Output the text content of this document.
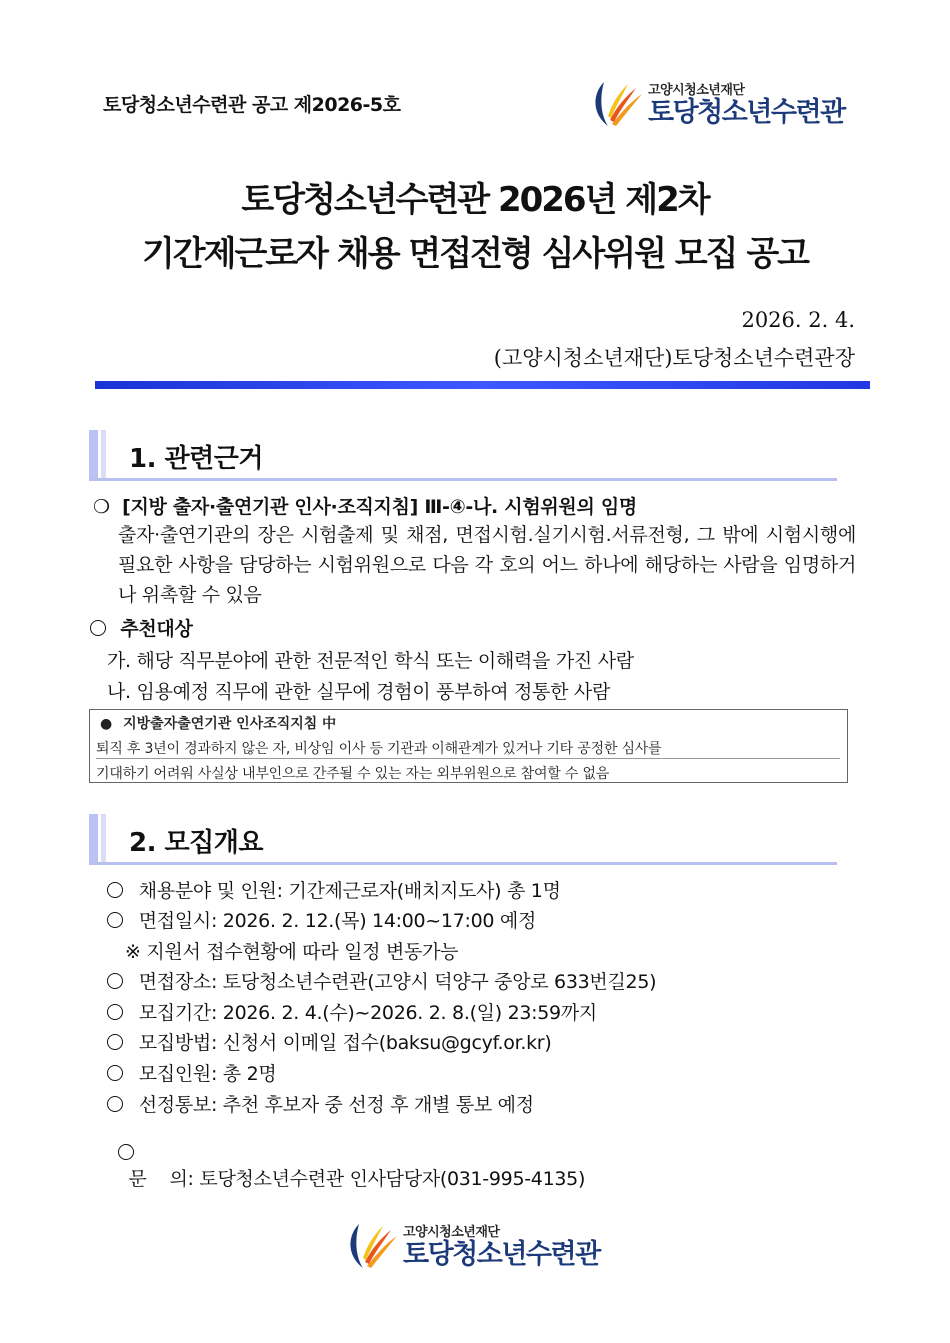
토당청소년수련관 공고 제2026-5호
고양시청소년재단
토당청소년수련관
토당청소년수련관 2026년 제2차
기간제근로자 채용 면접전형 심사위원 모집 공고
2026. 2. 4.
(고양시청소년재단)토당청소년수련관장
1. 관련근거
❍ [지방 출자·출연기관 인사·조직지침] Ⅲ-④-나. 시험위원의 임명
출자·출연기관의 장은 시험출제 및 채점, 면접시험.실기시험.서류전형, 그 밖에 시험시행에 필요한 사항을 담당하는 시험위원으로 다음 각 호의 어느 하나에 해당하는 사람을 임명하거나 위촉할 수 있음
추천대상
가. 해당 직무분야에 관한 전문적인 학식 또는 이해력을 가진 사람
나. 임용예정 직무에 관한 실무에 경험이 풍부하여 정통한 사람
● 지방출자출연기관 인사조직지침 中
퇴직 후 3년이 경과하지 않은 자, 비상임 이사 등 기관과 이해관계가 있거나 기타 공정한 심사를
기대하기 어려워 사실상 내부인으로 간주될 수 있는 자는 외부위원으로 참여할 수 없음
2. 모집개요
채용분야 및 인원: 기간제근로자(배치지도사) 총 1명
면접일시: 2026. 2. 12.(목) 14:00~17:00 예정
※ 지원서 접수현황에 따라 일정 변동가능
면접장소: 토당청소년수련관(고양시 덕양구 중앙로 633번길25)
모집기간: 2026. 2. 4.(수)~2026. 2. 8.(일) 23:59까지
모집방법: 신청서 이메일 접수(baksu@gcyf.or.kr)
모집인원: 총 2명
선정통보: 추천 후보자 중 선정 후 개별 통보 예정

문    의: 토당청소년수련관 인사담당자(031-995-4135)

고양시청소년재단
토당청소년수련관
